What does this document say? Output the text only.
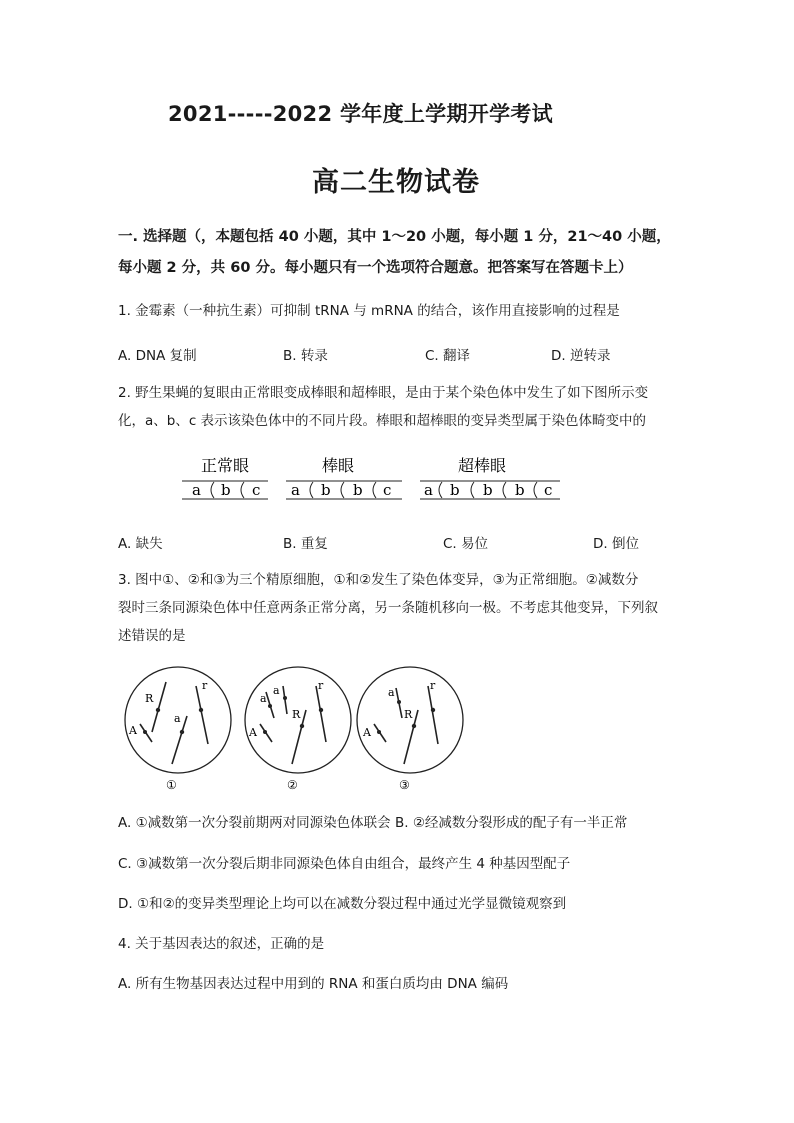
2021-----2022 学年度上学期开学考试
高二生物试卷
一. 选择题（，本题包括 40 小题，其中 1～20 小题，每小题 1 分，21～40 小题，
每小题 2 分，共 60 分。每小题只有一个选项符合题意。把答案写在答题卡上）
1. 金霉素（一种抗生素）可抑制 tRNA 与 mRNA 的结合，该作用直接影响的过程是
A. DNA 复制	B. 转录	C. 翻译	D. 逆转录
2. 野生果蝇的复眼由正常眼变成棒眼和超棒眼，是由于某个染色体中发生了如下图所示变
化，a、b、c 表示该染色体中的不同片段。棒眼和超棒眼的变异类型属于染色体畸变中的
正常眼	棒眼	超棒眼
a b c a b b c a b b b c
A. 缺失	B. 重复	C. 易位	D. 倒位
3. 图中①、②和③为三个精原细胞，①和②发生了染色体变异，③为正常细胞。②减数分
裂时三条同源染色体中任意两条正常分离，另一条随机移向一极。不考虑其他变异，下列叙
述错误的是
R
A
a
r
①
a
a
A
R
r
②
a
A
R
r
③
A. ①减数第一次分裂前期两对同源染色体联会 B. ②经减数分裂形成的配子有一半正常
C. ③减数第一次分裂后期非同源染色体自由组合，最终产生 4 种基因型配子
D. ①和②的变异类型理论上均可以在减数分裂过程中通过光学显微镜观察到
4. 关于基因表达的叙述，正确的是
A. 所有生物基因表达过程中用到的 RNA 和蛋白质均由 DNA 编码
